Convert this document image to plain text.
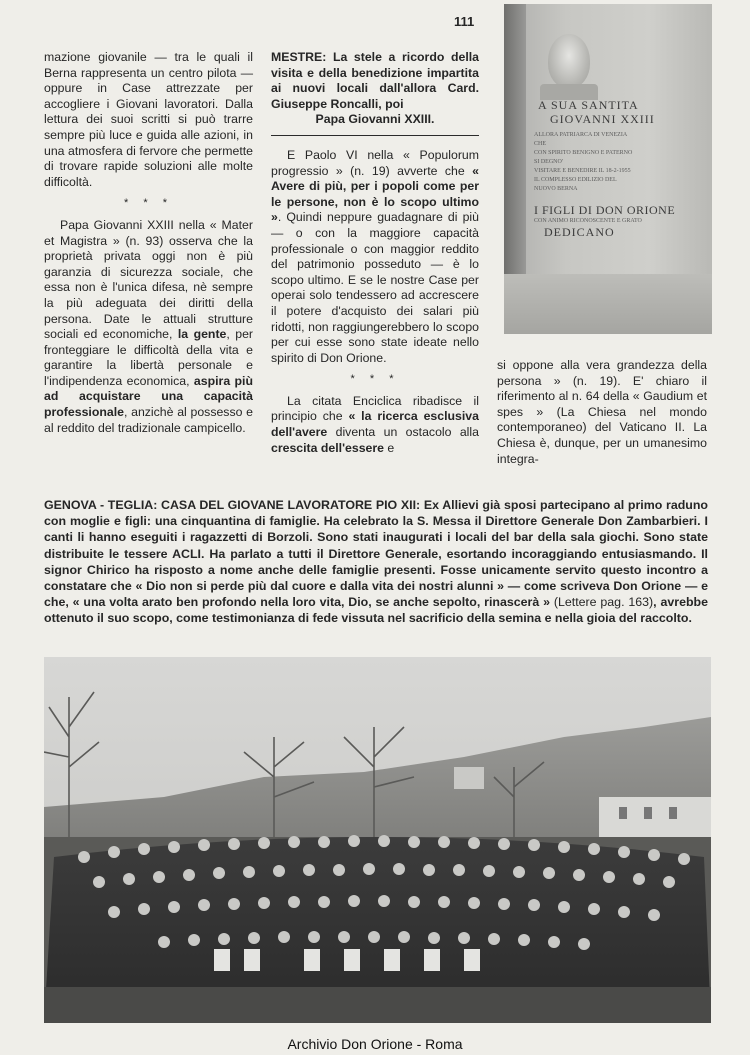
111

mazione giovanile — tra le quali il Berna rappresenta un centro pilota — oppure in Case attrezzate per accogliere i Giovani lavoratori. Dalla lettura dei suoi scritti si può trarre sempre più luce e guida alle azioni, in una atmosfera di fervore che permette di trovare rapide soluzioni alle molte difficoltà.

* * *

Papa Giovanni XXIII nella « Mater et Magistra » (n. 93) osserva che la proprietà privata oggi non è più garanzia di sicurezza sociale, che essa non è l'unica difesa, nè sempre la più adeguata dei diritti della persona. Date le attuali strutture sociali ed economiche, la gente, per fronteggiare le difficoltà della vita e garantire la libertà personale e l'indipendenza economica, aspira più ad acquistare una capacità professionale, anzichè al possesso e al reddito del tradizionale campicello.

MESTRE: La stele a ricordo della visita e della benedizione impartita ai nuovi locali dall'allora Card. Giuseppe Roncalli, poi
Papa Giovanni XXIII.

E Paolo VI nella « Populorum progressio » (n. 19) avverte che « Avere di più, per i popoli come per le persone, non è lo scopo ultimo ». Quindi neppure guadagnare di più — o con la maggiore capacità professionale o con maggior reddito del patrimonio posseduto — è lo scopo ultimo. E se le nostre Case per operai solo tendessero ad accrescere il potere d'acquisto dei salari più ridotti, non raggiungerebbero lo scopo per cui esse sono state ideate nello spirito di Don Orione.

* * *

La citata Enciclica ribadisce il principio che « la ricerca esclusiva dell'avere diventa un ostacolo alla crescita dell'essere e

A SUA SANTITA
GIOVANNI XXIII
ALLORA PATRIARCA DI VENEZIA
CHE
CON SPIRITO BENIGNO E PATERNO
SI DEGNO'
VISITARE E BENEDIRE IL 18-2-1955
IL COMPLESSO EDILIZIO DEL
NUOVO BERNA
I FIGLI DI DON ORIONE
CON ANIMO RICONOSCENTE E GRATO
DEDICANO

si oppone alla vera grandezza della persona » (n. 19). E' chiaro il riferimento al n. 64 della « Gaudium et spes » (La Chiesa nel mondo contemporaneo) del Vaticano II. La Chiesa è, dunque, per un umanesimo integra-

GENOVA - TEGLIA: CASA DEL GIOVANE LAVORATORE PIO XII: Ex Allievi già sposi partecipano al primo raduno con moglie e figli: una cinquantina di famiglie. Ha celebrato la S. Messa il Direttore Generale Don Zambarbieri. I canti li hanno eseguiti i ragazzetti di Borzoli. Sono stati inaugurati i locali del bar della sala giochi. Sono state distribuite le tessere ACLI. Ha parlato a tutti il Direttore Generale, esortando incoraggiando entusiasmando. Il signor Chirico ha risposto a nome anche delle famiglie presenti. Fosse unicamente servito questo incontro a constatare che « Dio non si perde più dal cuore e dalla vita dei nostri alunni » — come scriveva Don Orione — e che, « una volta arato ben profondo nella loro vita, Dio, se anche sepolto, rinascerà » (Lettere pag. 163), avrebbe ottenuto il suo scopo, come testimonianza di fede vissuta nel sacrificio della semina e nella gioia del raccolto.
Archivio Don Orione - Roma
